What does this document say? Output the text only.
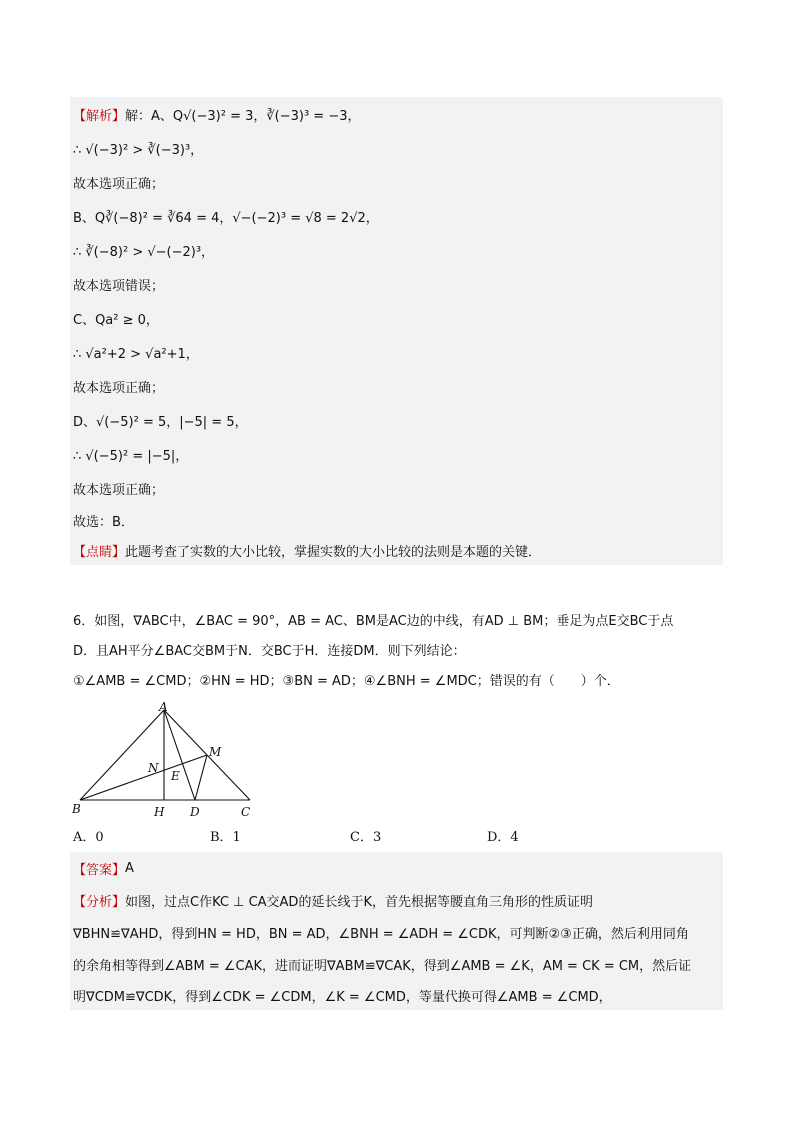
【解析】 解：A、Q√(−3)² = 3，∛(−3)³ = −3，
∴ √(−3)² > ∛(−3)³，
故本选项正确；
B、Q∛(−8)² = ∛64 = 4，√−(−2)³ = √8 = 2√2，
∴ ∛(−8)² > √−(−2)³，
故本选项错误；
C、Qa² ≥ 0，
∴ √a²+2 > √a²+1，
故本选项正确；
D、√(−5)² = 5，|−5| = 5，
∴ √(−5)² = |−5|，
故本选项正确；
故选：B．
【点睛】 此题考查了实数的大小比较，掌握实数的大小比较的法则是本题的关键．
6．如图，∇ABC中，∠BAC = 90°，AB = AC、BM是AC边的中线，有AD ⊥ BM；垂足为点E交BC于点
D．且AH平分∠BAC交BM于N．交BC于H．连接DM．则下列结论：
①∠AMB = ∠CMD；②HN = HD；③BN = AD；④∠BNH = ∠MDC；错误的有（　　）个．
A
B	C
H D
M
N
E
A．0	B．1	C．3	D．4
【答案】 A
【分析】 如图，过点C作KC ⊥ CA交AD的延长线于K，首先根据等腰直角三角形的性质证明
∇BHN≌∇AHD，得到HN = HD，BN = AD，∠BNH = ∠ADH = ∠CDK，可判断②③正确，然后利用同角
的余角相等得到∠ABM = ∠CAK，进而证明∇ABM≌∇CAK，得到∠AMB = ∠K，AM = CK = CM，然后证
明∇CDM≌∇CDK，得到∠CDK = ∠CDM，∠K = ∠CMD，等量代换可得∠AMB = ∠CMD，
